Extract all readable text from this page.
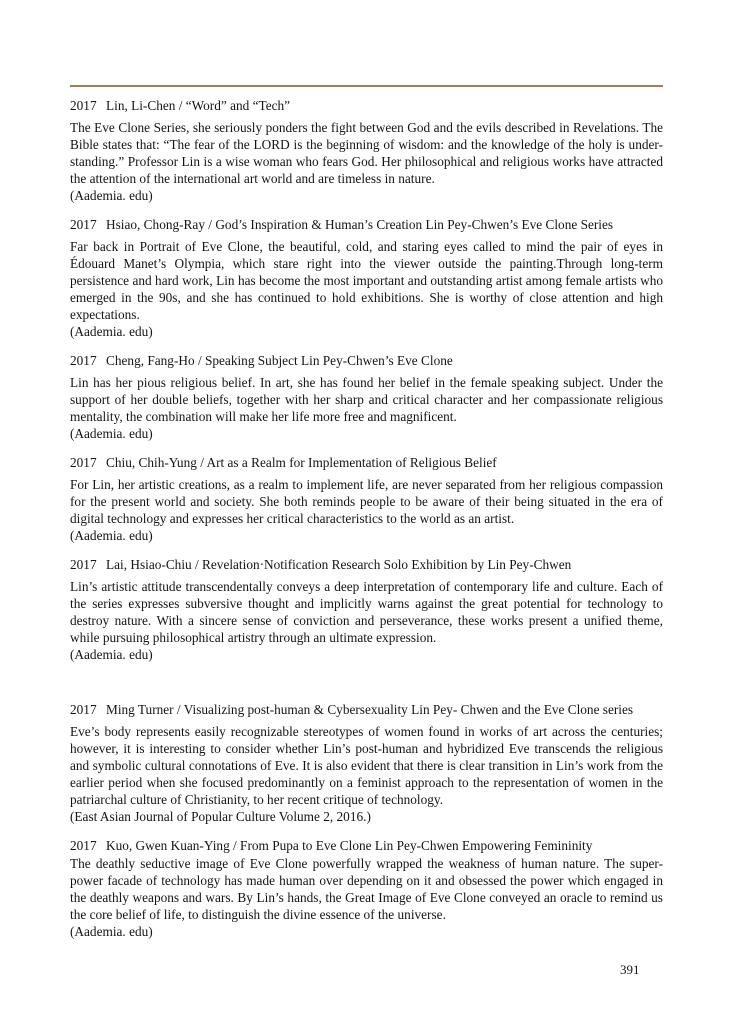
2017 Lin, Li-Chen / “Word” and “Tech”

The Eve Clone Series, she seriously ponders the fight between God and the evils described in Revelations. The Bible states that: “The fear of the LORD is the beginning of wisdom: and the knowledge of the holy is under-standing.” Professor Lin is a wise woman who fears God. Her philosophical and religious works have attracted the attention of the international art world and are timeless in nature.

(Aademia. edu)

2017 Hsiao, Chong-Ray / God’s Inspiration & Human’s Creation Lin Pey-Chwen’s Eve Clone Series

Far back in Portrait of Eve Clone, the beautiful, cold, and staring eyes called to mind the pair of eyes in Édouard Manet’s Olympia, which stare right into the viewer outside the painting.Through long-term persistence and hard work, Lin has become the most important and outstanding artist among female artists who emerged in the 90s, and she has continued to hold exhibitions. She is worthy of close attention and high expectations.

(Aademia. edu)

2017 Cheng, Fang-Ho / Speaking Subject Lin Pey-Chwen’s Eve Clone

Lin has her pious religious belief. In art, she has found her belief in the female speaking subject. Under the support of her double beliefs, together with her sharp and critical character and her compassionate religious mentality, the combination will make her life more free and magnificent.

(Aademia. edu)

2017 Chiu, Chih-Yung / Art as a Realm for Implementation of Religious Belief

For Lin, her artistic creations, as a realm to implement life, are never separated from her religious compassion for the present world and society. She both reminds people to be aware of their being situated in the era of digital technology and expresses her critical characteristics to the world as an artist.

(Aademia. edu)

2017 Lai, Hsiao-Chiu / Revelation·Notification Research Solo Exhibition by Lin Pey-Chwen

Lin’s artistic attitude transcendentally conveys a deep interpretation of contemporary life and culture. Each of the series expresses subversive thought and implicitly warns against the great potential for technology to destroy nature. With a sincere sense of conviction and perseverance, these works present a unified theme, while pursuing philosophical artistry through an ultimate expression.

(Aademia. edu)

2017 Ming Turner / Visualizing post-human & Cybersexuality Lin Pey- Chwen and the Eve Clone series

Eve’s body represents easily recognizable stereotypes of women found in works of art across the centuries; however, it is interesting to consider whether Lin’s post-human and hybridized Eve transcends the religious and symbolic cultural connotations of Eve. It is also evident that there is clear transition in Lin’s work from the earlier period when she focused predominantly on a feminist approach to the representation of women in the patriarchal culture of Christianity, to her recent critique of technology.

(East Asian Journal of Popular Culture Volume 2, 2016.)

2017 Kuo, Gwen Kuan-Ying / From Pupa to Eve Clone Lin Pey-Chwen Empowering Femininity

The deathly seductive image of Eve Clone powerfully wrapped the weakness of human nature. The super-power facade of technology has made human over depending on it and obsessed the power which engaged in the deathly weapons and wars. By Lin’s hands, the Great Image of Eve Clone conveyed an oracle to remind us the core belief of life, to distinguish the divine essence of the universe.

(Aademia. edu)

391
